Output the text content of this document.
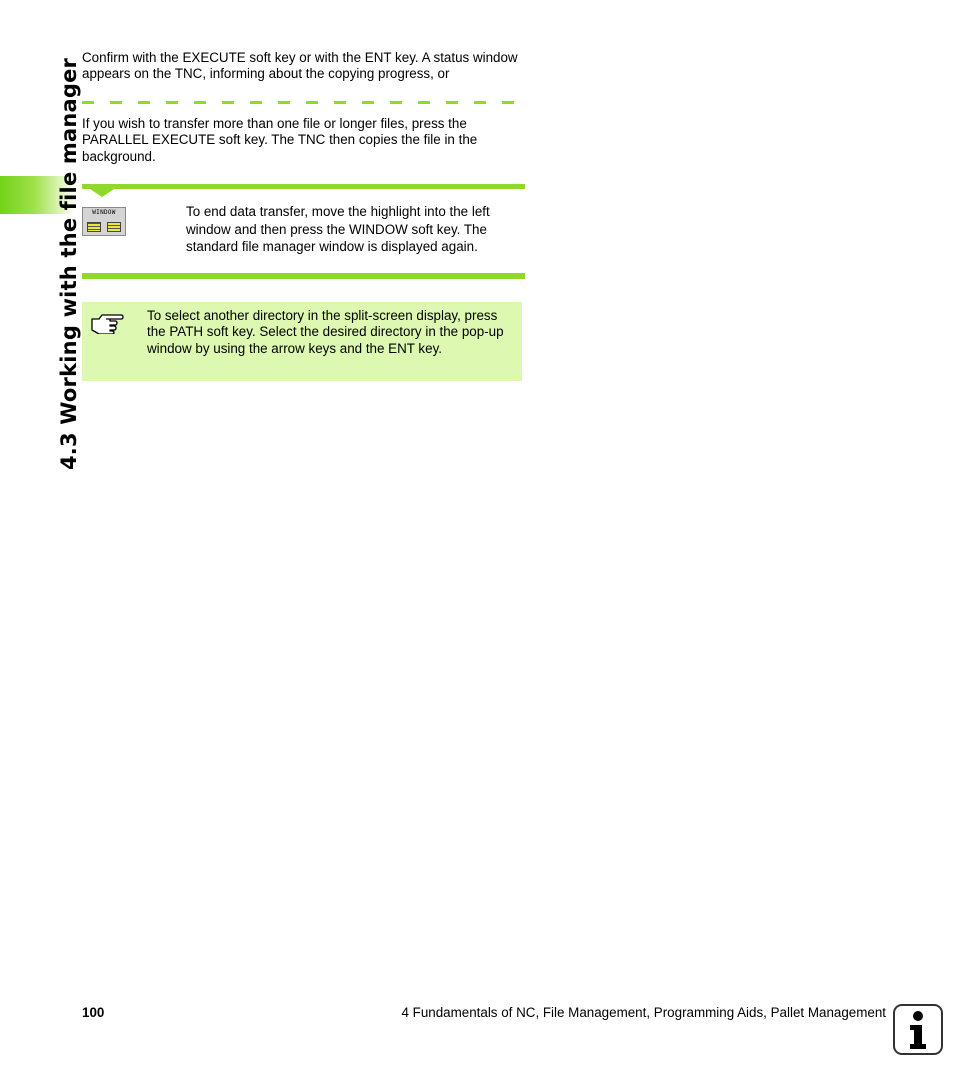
4.3 Working with the file manager
Confirm with the EXECUTE soft key or with the ENT key. A status window appears on the TNC, informing about the copying progress, or
If you wish to transfer more than one file or longer files, press the PARALLEL EXECUTE soft key. The TNC then copies the file in the background.
WINDOW	To end data transfer, move the highlight into the left window and then press the WINDOW soft key. The standard file manager window is displayed again.
To select another directory in the split-screen display, press the PATH soft key. Select the desired directory in the pop-up window by using the arrow keys and the ENT key.
100	4 Fundamentals of NC, File Management, Programming Aids, Pallet Management
